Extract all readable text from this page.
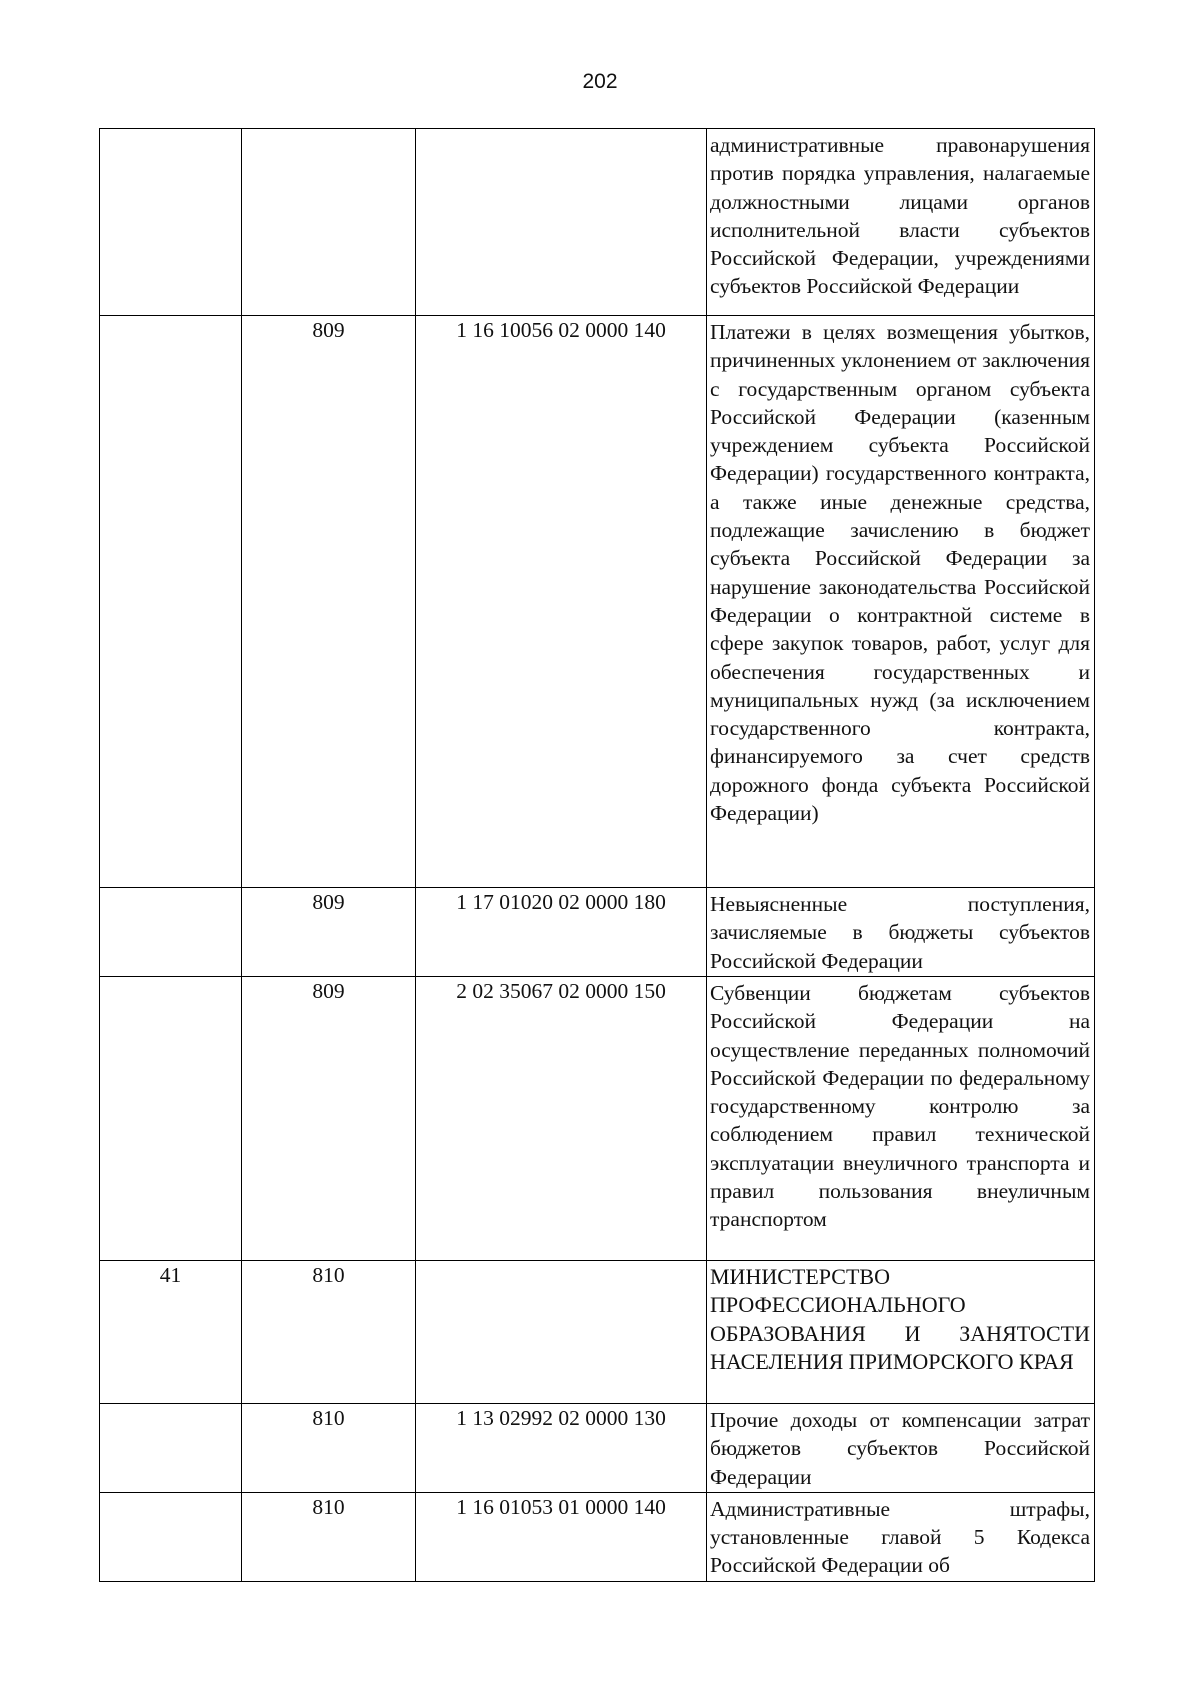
202
			административные правонарушения против порядка управления, налагаемые должностными лицами органов исполнительной власти субъектов Российской Федерации, учреждениями субъектов Российской Федерации
	809	1 16 10056 02 0000 140	Платежи в целях возмещения убытков, причиненных уклонением от заключения с государственным органом субъекта Российской Федерации (казенным учреждением субъекта Российской Федерации) государственного контракта, а также иные денежные средства, подлежащие зачислению в бюджет субъекта Российской Федерации за нарушение законодательства Российской Федерации о контрактной системе в сфере закупок товаров, работ, услуг для обеспечения государственных и муниципальных нужд (за исключением государственного контракта, финансируемого за счет средств дорожного фонда субъекта Российской Федерации)
	809	1 17 01020 02 0000 180	Невыясненные поступления, зачисляемые в бюджеты субъектов Российской Федерации
	809	2 02 35067 02 0000 150	Субвенции бюджетам субъектов Российской Федерации на осуществление переданных полномочий Российской Федерации по федеральному государственному контролю за соблюдением правил технической эксплуатации внеуличного транспорта и правил пользования внеуличным транспортом
41	810		МИНИСТЕРСТВО ПРОФЕССИОНАЛЬНОГО ОБРАЗОВАНИЯ И ЗАНЯТОСТИ НАСЕЛЕНИЯ ПРИМОРСКОГО КРАЯ
	810	1 13 02992 02 0000 130	Прочие доходы от компенсации затрат бюджетов субъектов Российской Федерации
	810	1 16 01053 01 0000 140	Административные штрафы, установленные главой 5 Кодекса Российской Федерации об
